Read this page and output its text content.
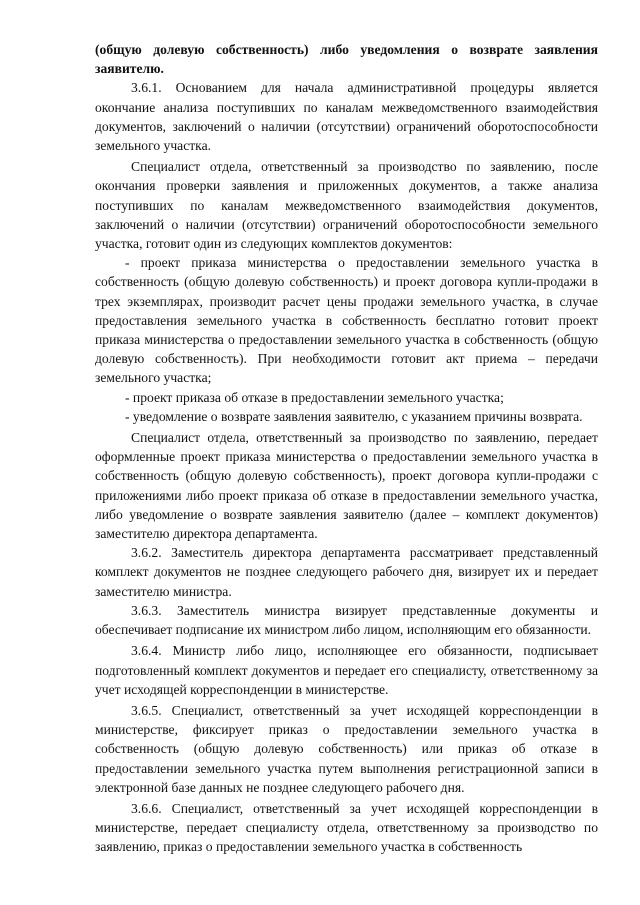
(общую долевую собственность) либо уведомления о возврате заявления заявителю.

3.6.1. Основанием для начала административной процедуры является окончание анализа поступивших по каналам межведомственного взаимодействия документов, заключений о наличии (отсутствии) ограничений оборотоспособности земельного участка.

Специалист отдела, ответственный за производство по заявлению, после окончания проверки заявления и приложенных документов, а также анализа поступивших по каналам межведомственного взаимодействия документов, заключений о наличии (отсутствии) ограничений оборотоспособности земельного участка, готовит один из следующих комплектов документов:

- проект приказа министерства о предоставлении земельного участка в собственность (общую долевую собственность) и проект договора купли-продажи в трех экземплярах, производит расчет цены продажи земельного участка, в случае предоставления земельного участка в собственность бесплатно готовит проект приказа министерства о предоставлении земельного участка в собственность (общую долевую собственность). При необходимости готовит акт приема – передачи земельного участка;

- проект приказа об отказе в предоставлении земельного участка;

- уведомление о возврате заявления заявителю, с указанием причины возврата.

Специалист отдела, ответственный за производство по заявлению, передает оформленные проект приказа министерства о предоставлении земельного участка в собственность (общую долевую собственность), проект договора купли-продажи с приложениями либо проект приказа об отказе в предоставлении земельного участка, либо уведомление о возврате заявления заявителю (далее – комплект документов) заместителю директора департамента.

3.6.2. Заместитель директора департамента рассматривает представленный комплект документов не позднее следующего рабочего дня, визирует их и передает заместителю министра.

3.6.3. Заместитель министра визирует представленные документы и обеспечивает подписание их министром либо лицом, исполняющим его обязанности.

3.6.4. Министр либо лицо, исполняющее его обязанности, подписывает подготовленный комплект документов и передает его специалисту, ответственному за учет исходящей корреспонденции в министерстве.

3.6.5. Специалист, ответственный за учет исходящей корреспонденции в министерстве, фиксирует приказ о предоставлении земельного участка в собственность (общую долевую собственность) или приказ об отказе в предоставлении земельного участка путем выполнения регистрационной записи в электронной базе данных не позднее следующего рабочего дня.

3.6.6. Специалист, ответственный за учет исходящей корреспонденции в министерстве, передает специалисту отдела, ответственному за производство по заявлению, приказ о предоставлении земельного участка в собственность
